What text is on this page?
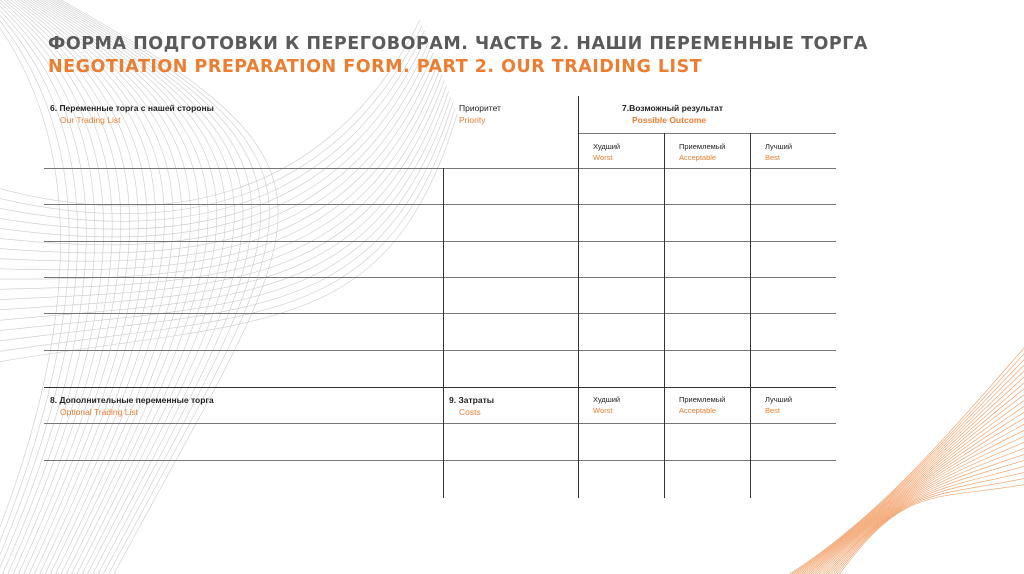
ФОРМА ПОДГОТОВКИ К ПЕРЕГОВОРАМ. ЧАСТЬ 2. НАШИ ПЕРЕМЕННЫЕ ТОРГА NEGOTIATION PREPARATION FORM. PART 2. OUR TRAIDING LIST
6. Переменные торга с нашей стороны
Our Trading List
Приоритет
Priority
7.Возможный результат
Possible Outcome
Худший
Worst
Приемлемый
Acceptable
Лучший
Best
8. Дополнительные переменные торга
Optional Trading List
9. Затраты
Costs
Худший
Worst
Приемлемый
Acceptable
Лучший
Best
